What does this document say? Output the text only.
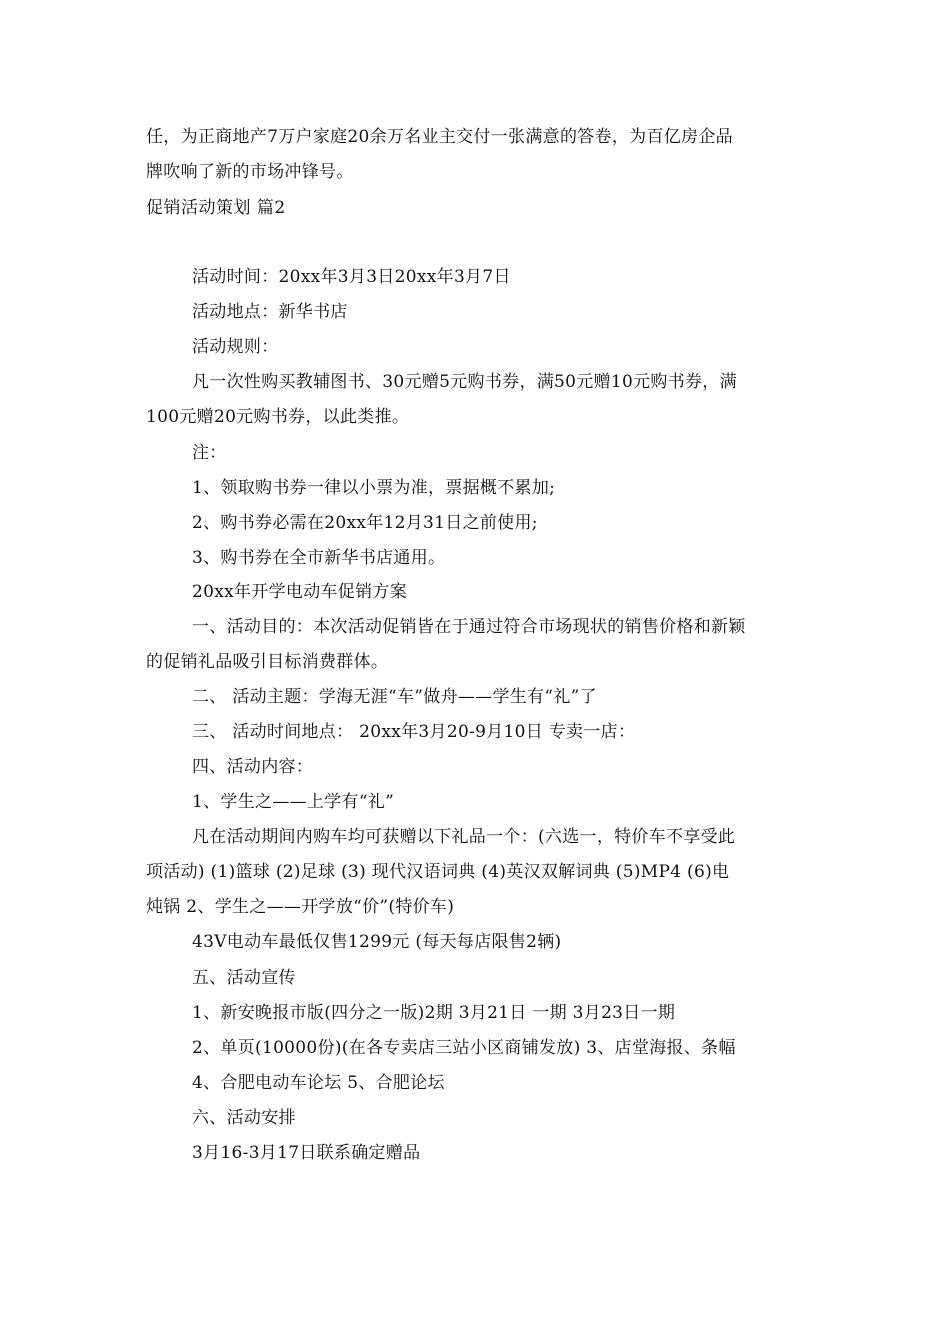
任，为正商地产7万户家庭20余万名业主交付一张满意的答卷，为百亿房企品
牌吹响了新的市场冲锋号。
促销活动策划 篇2
活动时间：20xx年3月3日20xx年3月7日
活动地点：新华书店
活动规则：
凡一次性购买教辅图书、30元赠5元购书券，满50元赠10元购书券，满
100元赠20元购书券，以此类推。
注：
1、领取购书券一律以小票为准，票据概不累加;
2、购书券必需在20xx年12月31日之前使用;
3、购书券在全市新华书店通用。
20xx年开学电动车促销方案
一、活动目的：本次活动促销皆在于通过符合市场现状的销售价格和新颖
的促销礼品吸引目标消费群体。
二、 活动主题：学海无涯“车”做舟——学生有“礼”了
三、 活动时间地点： 20xx年3月20-9月10日 专卖一店：
四、活动内容：
1、学生之——上学有“礼”
凡在活动期间内购车均可获赠以下礼品一个：(六选一，特价车不享受此
项活动) (1)篮球 (2)足球 (3) 现代汉语词典 (4)英汉双解词典 (5)MP4 (6)电
炖锅 2、学生之——开学放“价”(特价车)
43V电动车最低仅售1299元 (每天每店限售2辆)
五、活动宣传
1、新安晚报市版(四分之一版)2期 3月21日 一期 3月23日一期
2、单页(10000份)(在各专卖店三站小区商铺发放) 3、店堂海报、条幅
4、合肥电动车论坛 5、合肥论坛
六、活动安排
3月16-3月17日联系确定赠品
